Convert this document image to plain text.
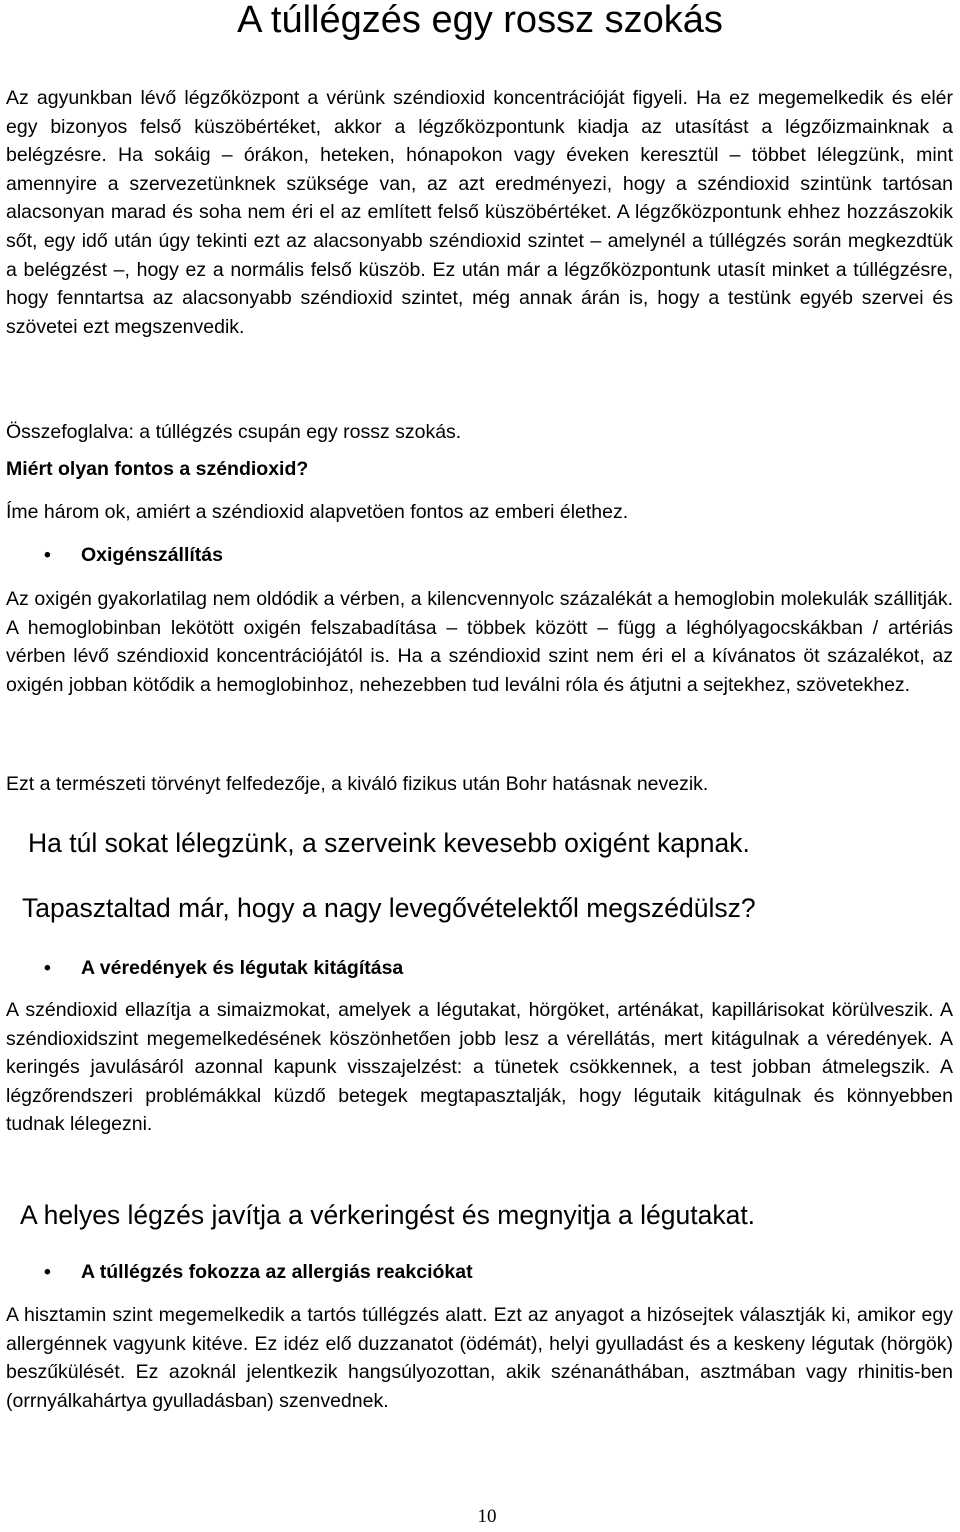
A túllégzés egy rossz szokás

Az agyunkban lévő légzőközpont a vérünk széndioxid koncentrációját figyeli. Ha ez megemelkedik és elér egy bizonyos felső küszöbértéket, akkor a légzőközpontunk kiadja az utasítást a légzőizmainknak a belégzésre. Ha sokáig – órákon, heteken, hónapokon vagy éveken keresztül – többet lélegzünk, mint amennyire a szervezetünknek szüksége van, az azt eredményezi, hogy a széndioxid szintünk tartósan alacsonyan marad és soha nem éri el az említett felső küszöbértéket. A légzőközpontunk ehhez hozzászokik sőt, egy idő után úgy tekinti ezt az alacsonyabb széndioxid szintet – amelynél a túllégzés során megkezdtük a belégzést –, hogy ez a normális felső küszöb. Ez után már a légzőközpontunk utasít minket a túllégzésre, hogy fenntartsa az alacsonyabb széndioxid szintet, még annak árán is, hogy a testünk egyéb szervei és szövetei ezt megszenvedik.

Összefoglalva: a túllégzés csupán egy rossz szokás.

Miért olyan fontos a széndioxid?

Íme három ok, amiért a széndioxid alapvetöen fontos az emberi élethez.

• Oxigénszállítás

Az oxigén gyakorlatilag nem oldódik a vérben, a kilencvennyolc százalékát a hemoglobin molekulák szállitják. A hemoglobinban lekötött oxigén felszabadítása – többek között – függ a léghólyagocskákban / artériás vérben lévő széndioxid koncentrációjától is. Ha a széndioxid szint nem éri el a kívánatos öt százalékot, az oxigén jobban kötődik a hemoglobinhoz, nehezebben tud leválni róla és átjutni a sejtekhez, szövetekhez.

Ezt a természeti törvényt felfedezője, a kiváló fizikus után Bohr hatásnak nevezik.

Ha túl sokat lélegzünk, a szerveink kevesebb oxigént kapnak.

Tapasztaltad már, hogy a nagy levegővételektől megszédülsz?

• A véredények és légutak kitágítása

A széndioxid ellazítja a simaizmokat, amelyek a légutakat, hörgöket, arténákat, kapillárisokat körülveszik. A széndioxidszint megemelkedésének köszönhetően jobb lesz a vérellátás, mert kitágulnak a véredények. A keringés javulásáról azonnal kapunk visszajelzést: a tünetek csökkennek, a test jobban átmelegszik. A légzőrendszeri problémákkal küzdő betegek megtapasztalják, hogy légutaik kitágulnak és könnyebben tudnak lélegezni.

A helyes légzés javítja a vérkeringést és megnyitja a légutakat.

• A túllégzés fokozza az allergiás reakciókat

A hisztamin szint megemelkedik a tartós túllégzés alatt. Ezt az anyagot a hizósejtek választják ki, amikor egy allergénnek vagyunk kitéve. Ez idéz elő duzzanatot (ödémát), helyi gyulladást és a keskeny légutak (hörgök) beszűkülését. Ez azoknál jelentkezik hangsúlyozottan, akik szénanáthában, asztmában vagy rhinitis-ben (orrnyálkahártya gyulladásban) szenvednek.

10
